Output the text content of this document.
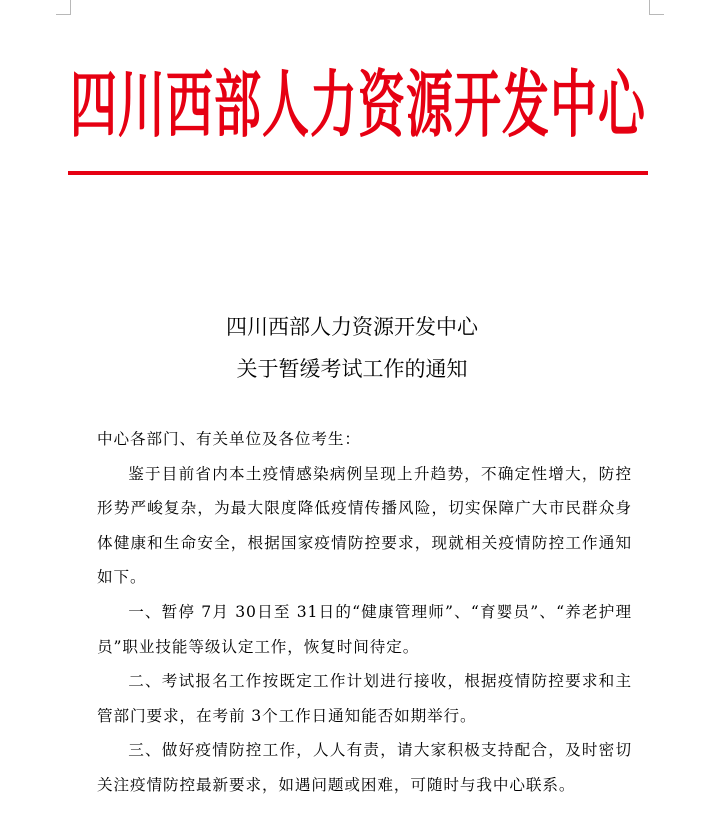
四川西部人力资源开发中心
四川西部人力资源开发中心
关于暂缓考试工作的通知

中心各部门、有关单位及各位考生：

鉴于目前省内本土疫情感染病例呈现上升趋势，不确定性增大，防控形势严峻复杂，为最大限度降低疫情传播风险，切实保障广大市民群众身体健康和生命安全，根据国家疫情防控要求，现就相关疫情防控工作通知如下。

一、暂停 7月 30日至 31日的“健康管理师”、“育婴员”、“养老护理员”职业技能等级认定工作，恢复时间待定。

二、考试报名工作按既定工作计划进行接收，根据疫情防控要求和主管部门要求，在考前 3个工作日通知能否如期举行。

三、做好疫情防控工作，人人有责，请大家积极支持配合，及时密切关注疫情防控最新要求，如遇问题或困难，可随时与我中心联系。
